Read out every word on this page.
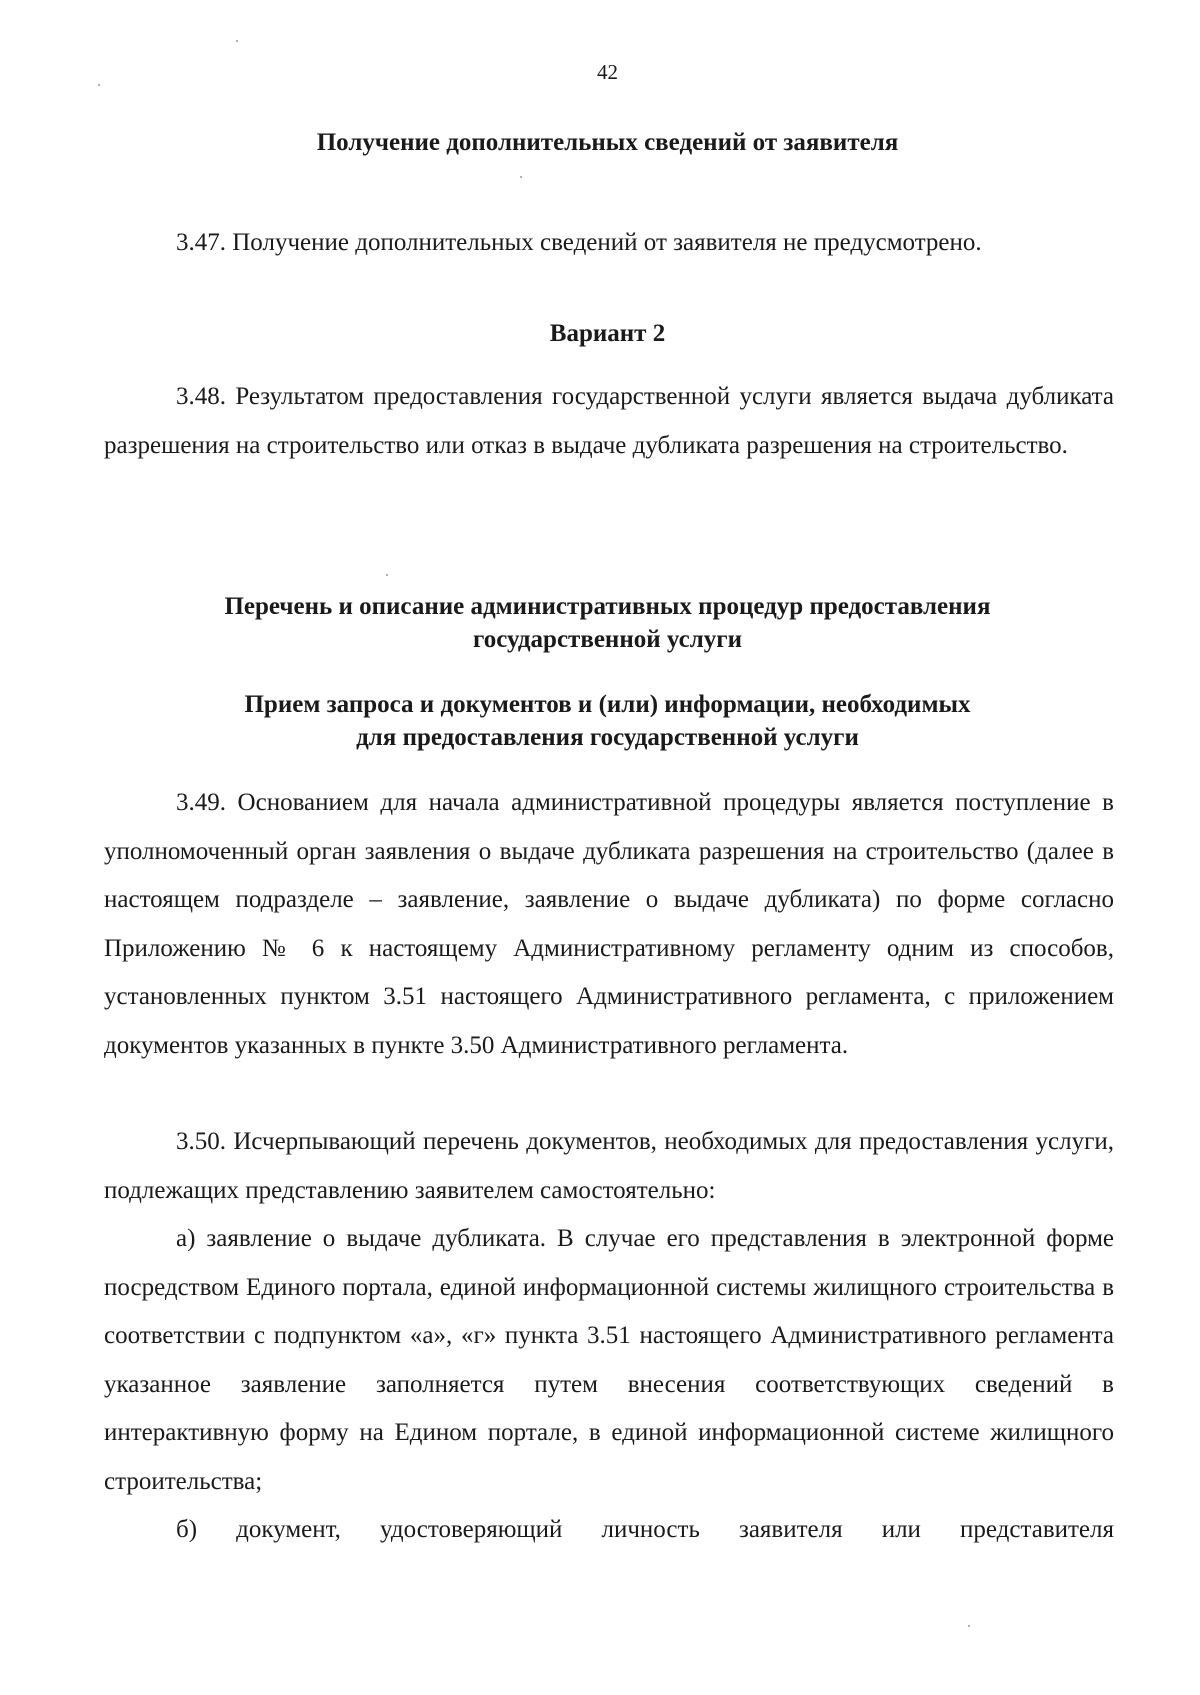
42
Получение дополнительных сведений от заявителя

3.47. Получение дополнительных сведений от заявителя не предусмотрено.

Вариант 2

3.48. Результатом предоставления государственной услуги является выдача дубликата разрешения на строительство или отказ в выдаче дубликата разрешения на строительство.

Перечень и описание административных процедур предоставления
государственной услуги
Прием запроса и документов и (или) информации, необходимых
для предоставления государственной услуги

3.49. Основанием для начала административной процедуры является поступление в уполномоченный орган заявления о выдаче дубликата разрешения на строительство (далее в настоящем подразделе – заявление, заявление о выдаче дубликата) по форме согласно Приложению № 6 к настоящему Административному регламенту одним из способов, установленных пунктом 3.51 настоящего Административного регламента, с приложением документов указанных в пункте 3.50 Административного регламента.

3.50. Исчерпывающий перечень документов, необходимых для предоставления услуги, подлежащих представлению заявителем самостоятельно:

а) заявление о выдаче дубликата. В случае его представления в электронной форме посредством Единого портала, единой информационной системы жилищного строительства в соответствии с подпунктом «а», «г» пункта 3.51 настоящего Административного регламента указанное заявление заполняется путем внесения соответствующих сведений в интерактивную форму на Едином портале, в единой информационной системе жилищного строительства;

б) документ, удостоверяющий личность заявителя или представителя
